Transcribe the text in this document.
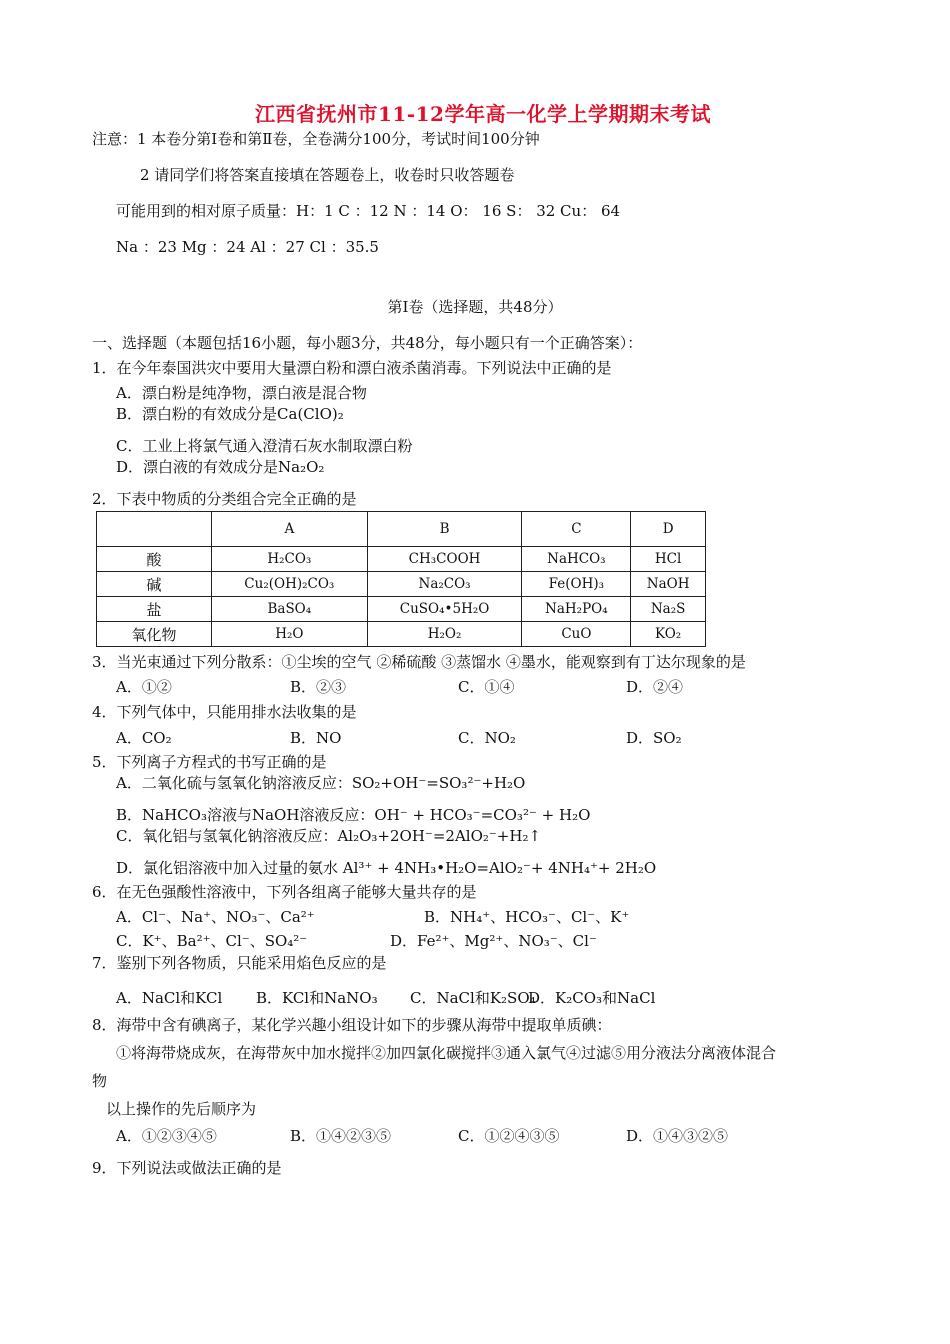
江西省抚州市11-12学年高一化学上学期期末考试
注意：1 本卷分第Ⅰ卷和第Ⅱ卷，全卷满分100分，考试时间100分钟
2 请同学们将答案直接填在答题卷上，收卷时只收答题卷
可能用到的相对原子质量：H：1 C ：12 N ：14 O： 16 S： 32 Cu： 64
Na ：23 Mg ：24 Al ：27 Cl ：35.5
第Ⅰ卷（选择题，共48分）
一、选择题（本题包括16小题，每小题3分，共48分，每小题只有一个正确答案）：
1．在今年泰国洪灾中要用大量漂白粉和漂白液杀菌消毒。下列说法中正确的是
A．漂白粉是纯净物，漂白液是混合物
B．漂白粉的有效成分是Ca(ClO)₂
C．工业上将氯气通入澄清石灰水制取漂白粉
D．漂白液的有效成分是Na₂O₂
2．下表中物质的分类组合完全正确的是
	A	B	C	D
酸	H₂CO₃	CH₃COOH	NaHCO₃	HCl
碱	Cu₂(OH)₂CO₃	Na₂CO₃	Fe(OH)₃	NaOH
盐	BaSO₄	CuSO₄•5H₂O	NaH₂PO₄	Na₂S
氧化物	H₂O	H₂O₂	CuO	KO₂
3．当光束通过下列分散系：①尘埃的空气 ②稀硫酸 ③蒸馏水 ④墨水，能观察到有丁达尔现象的是
A．①②	B．②③	C．①④	D．②④
4．下列气体中，只能用排水法收集的是
A．CO₂	B．NO	C．NO₂	D．SO₂
5．下列离子方程式的书写正确的是
A．二氧化硫与氢氧化钠溶液反应：SO₂+OH⁻=SO₃²⁻+H₂O
B．NaHCO₃溶液与NaOH溶液反应：OH⁻ + HCO₃⁻=CO₃²⁻ + H₂O
C．氧化铝与氢氧化钠溶液反应：Al₂O₃+2OH⁻=2AlO₂⁻+H₂↑
D．氯化铝溶液中加入过量的氨水 Al³⁺ + 4NH₃•H₂O=AlO₂⁻+ 4NH₄⁺+ 2H₂O
6．在无色强酸性溶液中，下列各组离子能够大量共存的是
A．Cl⁻、Na⁺、NO₃⁻、Ca²⁺	B．NH₄⁺、HCO₃⁻、Cl⁻、K⁺
C．K⁺、Ba²⁺、Cl⁻、SO₄²⁻	D．Fe²⁺、Mg²⁺、NO₃⁻、Cl⁻
7．鉴别下列各物质，只能采用焰色反应的是
A．NaCl和KCl B．KCl和NaNO₃ C．NaCl和K₂SO₄
D．K₂CO₃和NaCl
8．海带中含有碘离子，某化学兴趣小组设计如下的步骤从海带中提取单质碘：
①将海带烧成灰，在海带灰中加水搅拌②加四氯化碳搅拌③通入氯气④过滤⑤用分液法分离液体混合
物
以上操作的先后顺序为
A．①②③④⑤	B．①④②③⑤	C．①②④③⑤	D．①④③②⑤
9．下列说法或做法正确的是
